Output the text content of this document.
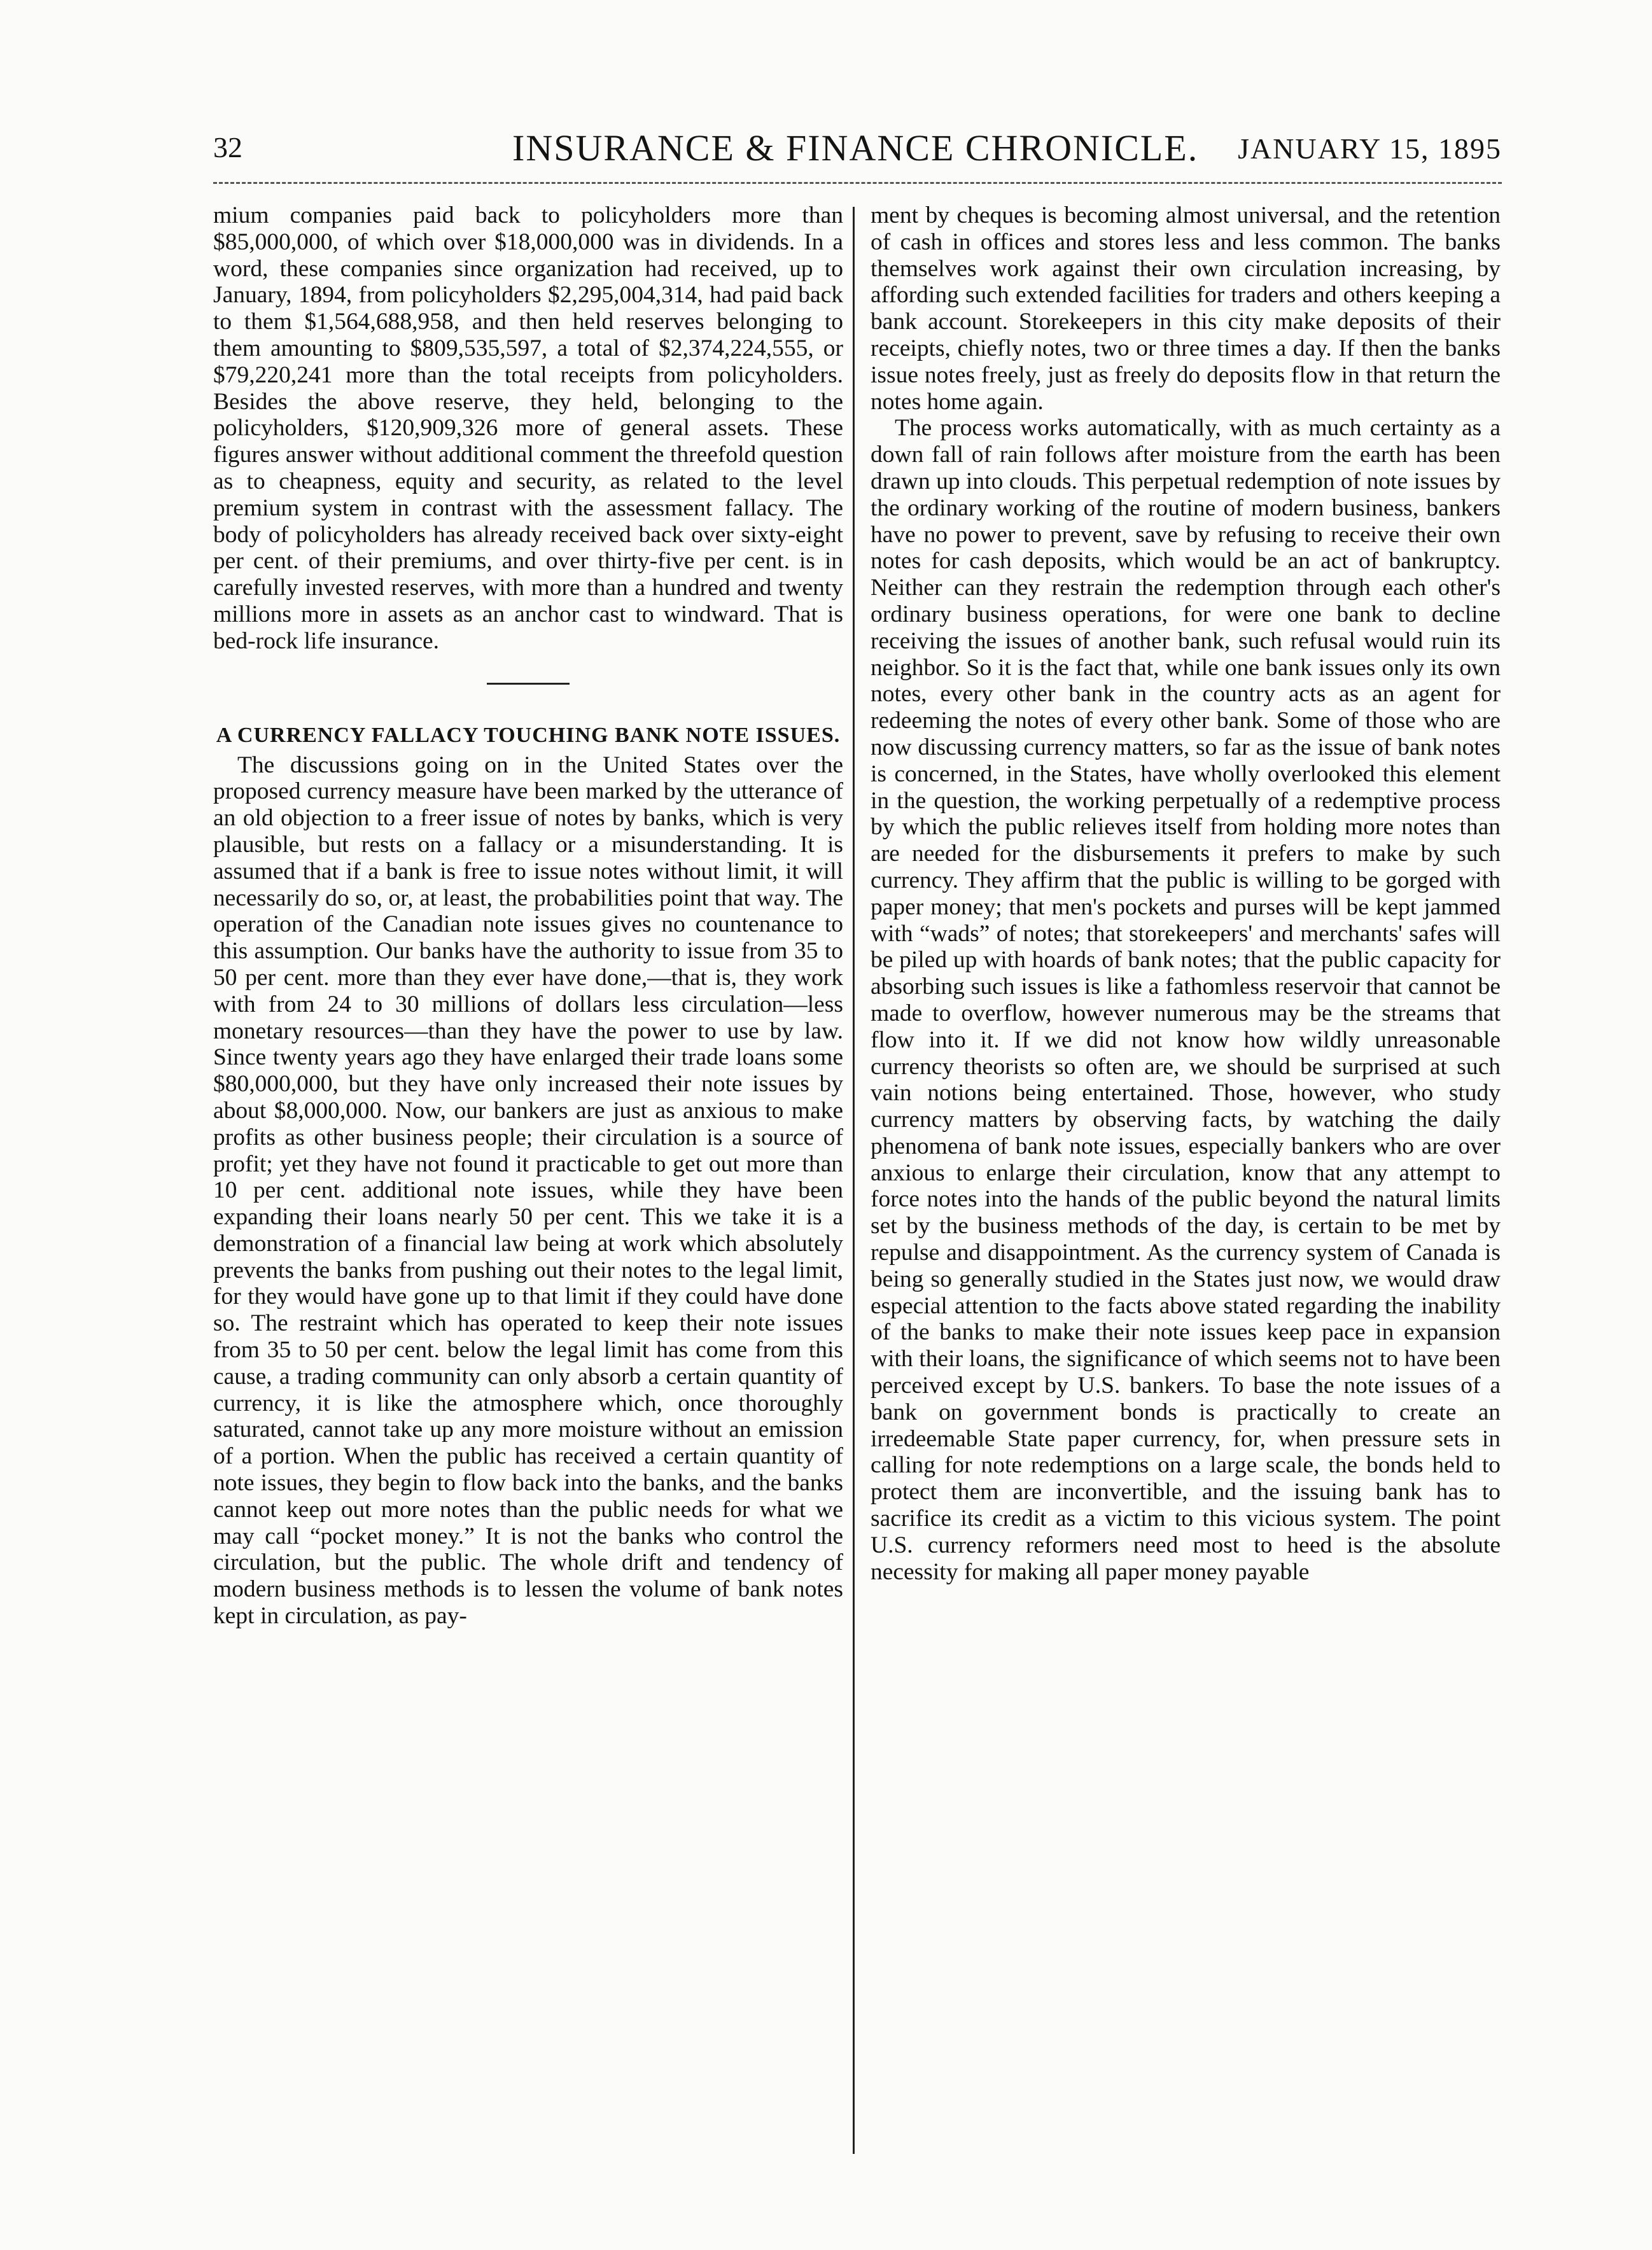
32	INSURANCE & FINANCE CHRONICLE. JANUARY 15, 1895

mium companies paid back to policyholders more than $85,000,000, of which over $18,000,000 was in dividends. In a word, these companies since organization had received, up to January, 1894, from policyholders $2,295,004,314, had paid back to them $1,564,688,958, and then held reserves belonging to them amounting to $809,535,597, a total of $2,374,224,555, or $79,220,241 more than the total receipts from policyholders. Besides the above reserve, they held, belonging to the policyholders, $120,909,326 more of general assets. These figures answer without additional comment the threefold question as to cheapness, equity and security, as related to the level premium system in contrast with the assessment fallacy. The body of policyholders has already received back over sixty-eight per cent. of their premiums, and over thirty-five per cent. is in carefully invested reserves, with more than a hundred and twenty millions more in assets as an anchor cast to windward. That is bed-rock life insurance.

A CURRENCY FALLACY TOUCHING BANK NOTE ISSUES.

The discussions going on in the United States over the proposed currency measure have been marked by the utterance of an old objection to a freer issue of notes by banks, which is very plausible, but rests on a fallacy or a misunderstanding. It is assumed that if a bank is free to issue notes without limit, it will necessarily do so, or, at least, the probabilities point that way. The operation of the Canadian note issues gives no countenance to this assumption. Our banks have the authority to issue from 35 to 50 per cent. more than they ever have done,—that is, they work with from 24 to 30 millions of dollars less circulation—less monetary resources—than they have the power to use by law. Since twenty years ago they have enlarged their trade loans some $80,000,000, but they have only increased their note issues by about $8,000,000. Now, our bankers are just as anxious to make profits as other business people; their circulation is a source of profit; yet they have not found it practicable to get out more than 10 per cent. additional note issues, while they have been expanding their loans nearly 50 per cent. This we take it is a demonstration of a financial law being at work which absolutely prevents the banks from pushing out their notes to the legal limit, for they would have gone up to that limit if they could have done so. The restraint which has operated to keep their note issues from 35 to 50 per cent. below the legal limit has come from this cause, a trading community can only absorb a certain quantity of currency, it is like the atmosphere which, once thoroughly saturated, cannot take up any more moisture without an emission of a portion. When the public has received a certain quantity of note issues, they begin to flow back into the banks, and the banks cannot keep out more notes than the public needs for what we may call “pocket money.” It is not the banks who control the circulation, but the public. The whole drift and tendency of modern business methods is to lessen the volume of bank notes kept in circulation, as pay-

ment by cheques is becoming almost universal, and the retention of cash in offices and stores less and less common. The banks themselves work against their own circulation increasing, by affording such extended facilities for traders and others keeping a bank account. Storekeepers in this city make deposits of their receipts, chiefly notes, two or three times a day. If then the banks issue notes freely, just as freely do deposits flow in that return the notes home again.

The process works automatically, with as much certainty as a down fall of rain follows after moisture from the earth has been drawn up into clouds. This perpetual redemption of note issues by the ordinary working of the routine of modern business, bankers have no power to prevent, save by refusing to receive their own notes for cash deposits, which would be an act of bankruptcy. Neither can they restrain the redemption through each other's ordinary business operations, for were one bank to decline receiving the issues of another bank, such refusal would ruin its neighbor. So it is the fact that, while one bank issues only its own notes, every other bank in the country acts as an agent for redeeming the notes of every other bank. Some of those who are now discussing currency matters, so far as the issue of bank notes is concerned, in the States, have wholly overlooked this element in the question, the working perpetually of a redemptive process by which the public relieves itself from holding more notes than are needed for the disbursements it prefers to make by such currency. They affirm that the public is willing to be gorged with paper money; that men's pockets and purses will be kept jammed with “wads” of notes; that storekeepers' and merchants' safes will be piled up with hoards of bank notes; that the public capacity for absorbing such issues is like a fathomless reservoir that cannot be made to overflow, however numerous may be the streams that flow into it. If we did not know how wildly unreasonable currency theorists so often are, we should be surprised at such vain notions being entertained. Those, however, who study currency matters by observing facts, by watching the daily phenomena of bank note issues, especially bankers who are over anxious to enlarge their circulation, know that any attempt to force notes into the hands of the public beyond the natural limits set by the business methods of the day, is certain to be met by repulse and disappointment. As the currency system of Canada is being so generally studied in the States just now, we would draw especial attention to the facts above stated regarding the inability of the banks to make their note issues keep pace in expansion with their loans, the significance of which seems not to have been perceived except by U.S. bankers. To base the note issues of a bank on government bonds is practically to create an irredeemable State paper currency, for, when pressure sets in calling for note redemptions on a large scale, the bonds held to protect them are inconvertible, and the issuing bank has to sacrifice its credit as a victim to this vicious system. The point U.S. currency reformers need most to heed is the absolute necessity for making all paper money payable
